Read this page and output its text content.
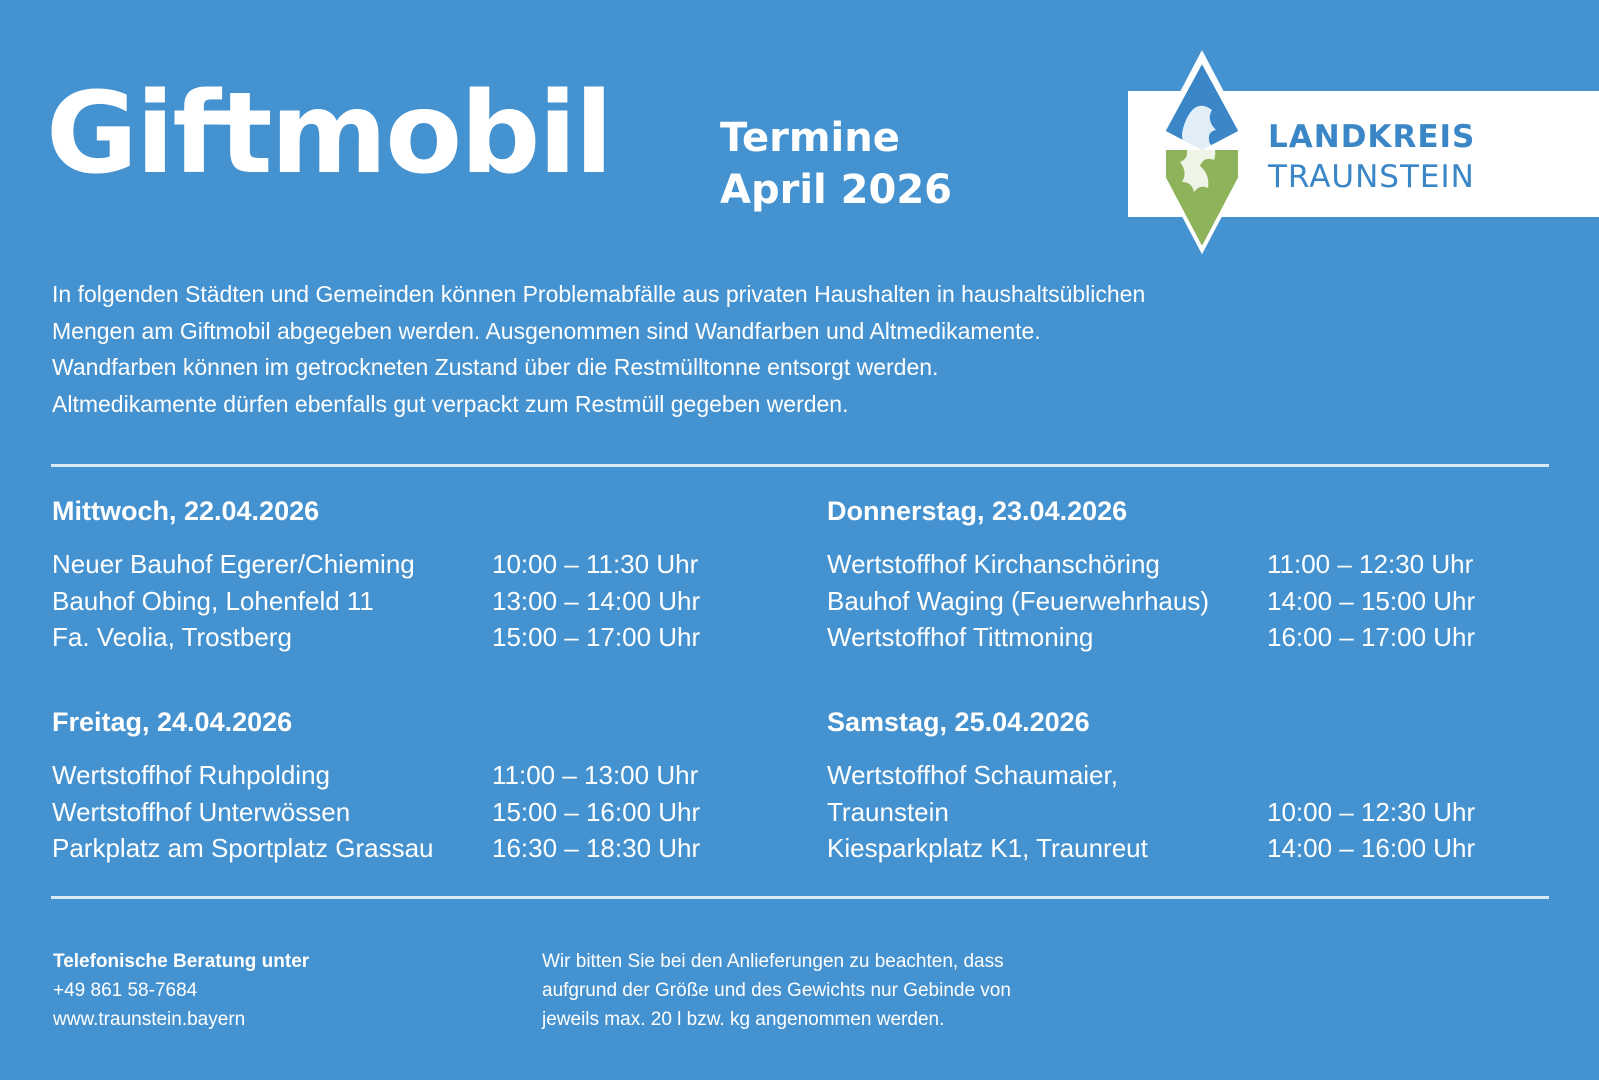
Giftmobil	Termine
April 2026
LANDKREIS
TRAUNSTEIN

In folgenden Städten und Gemeinden können Problemabfälle aus privaten Haushalten in haushaltsüblichen

Mengen am Giftmobil abgegeben werden. Ausgenommen sind Wandfarben und Altmedikamente.

Wandfarben können im getrockneten Zustand über die Restmülltonne entsorgt werden.

Altmedikamente dürfen ebenfalls gut verpackt zum Restmüll gegeben werden.

Mittwoch, 22.04.2026
Neuer Bauhof Egerer/Chieming	10:00 – 11:30 Uhr
Bauhof Obing, Lohenfeld 11	13:00 – 14:00 Uhr
Fa. Veolia, Trostberg	15:00 – 17:00 Uhr
Donnerstag, 23.04.2026
Wertstoffhof Kirchanschöring	11:00 – 12:30 Uhr
Bauhof Waging (Feuerwehrhaus)	14:00 – 15:00 Uhr
Wertstoffhof Tittmoning	16:00 – 17:00 Uhr
Freitag, 24.04.2026
Wertstoffhof Ruhpolding	11:00 – 13:00 Uhr
Wertstoffhof Unterwössen	15:00 – 16:00 Uhr
Parkplatz am Sportplatz Grassau	16:30 – 18:30 Uhr
Samstag, 25.04.2026
Wertstoffhof Schaumaier,
Traunstein	10:00 – 12:30 Uhr
Kiesparkplatz K1, Traunreut	14:00 – 16:00 Uhr
Telefonische Beratung unter
+49 861 58-7684
www.traunstein.bayern
Wir bitten Sie bei den Anlieferungen zu beachten, dass
aufgrund der Größe und des Gewichts nur Gebinde von
jeweils max. 20 l bzw. kg angenommen werden.
